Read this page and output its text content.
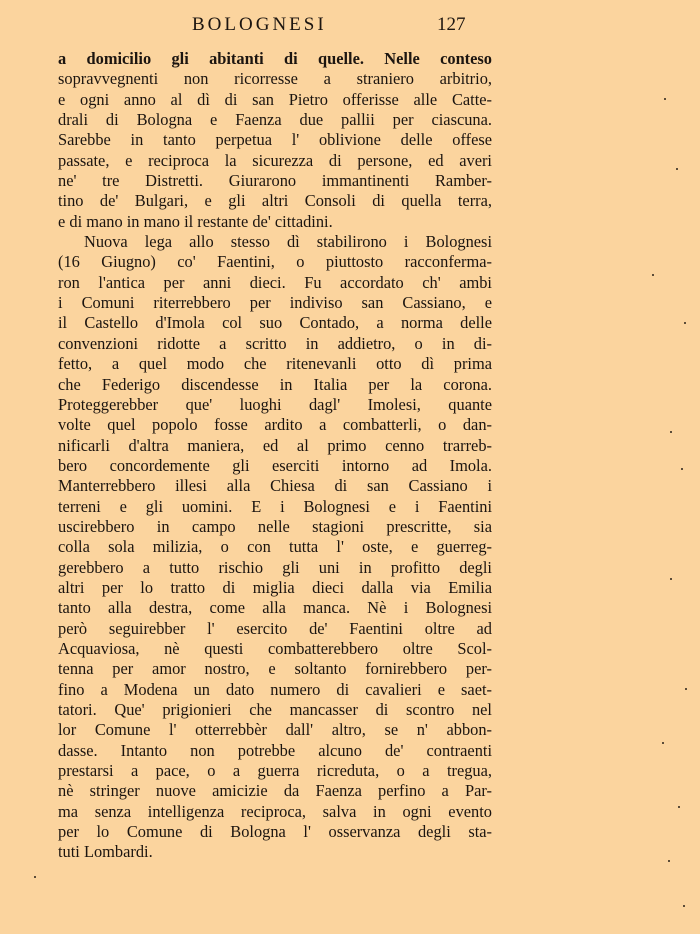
BOLOGNESI	127
a domicilio gli abitanti di quelle. Nelle conteso
sopravvegnenti non ricorresse a straniero arbitrio,
e ogni anno al dì di san Pietro offerisse alle Catte-
drali di Bologna e Faenza due pallii per ciascuna.
Sarebbe in tanto perpetua l' oblivione delle offese
passate, e reciproca la sicurezza di persone, ed averi
ne' tre Distretti. Giurarono immantinenti Ramber-
tino de' Bulgari, e gli altri Consoli di quella terra,
e di mano in mano il restante de' cittadini.
Nuova lega allo stesso dì stabilirono i Bolognesi
(16 Giugno) co' Faentini, o piuttosto racconferma-
ron l'antica per anni dieci. Fu accordato ch' ambi
i Comuni riterrebbero per indiviso san Cassiano, e
il Castello d'Imola col suo Contado, a norma delle
convenzioni ridotte a scritto in addietro, o in di-
fetto, a quel modo che ritenevanli otto dì prima
che Federigo discendesse in Italia per la corona.
Proteggerebber que' luoghi dagl' Imolesi, quante
volte quel popolo fosse ardito a combatterli, o dan-
nificarli d'altra maniera, ed al primo cenno trarreb-
bero concordemente gli eserciti intorno ad Imola.
Manterrebbero illesi alla Chiesa di san Cassiano i
terreni e gli uomini. E i Bolognesi e i Faentini
uscirebbero in campo nelle stagioni prescritte, sia
colla sola milizia, o con tutta l' oste, e guerreg-
gerebbero a tutto rischio gli uni in profitto degli
altri per lo tratto di miglia dieci dalla via Emilia
tanto alla destra, come alla manca. Nè i Bolognesi
però seguirebber l' esercito de' Faentini oltre ad
Acquaviosa, nè questi combatterebbero oltre Scol-
tenna per amor nostro, e soltanto fornirebbero per-
fino a Modena un dato numero di cavalieri e saet-
tatori. Que' prigionieri che mancasser di scontro nel
lor Comune l' otterrebbèr dall' altro, se n' abbon-
dasse. Intanto non potrebbe alcuno de' contraenti
prestarsi a pace, o a guerra ricreduta, o a tregua,
nè stringer nuove amicizie da Faenza perfino a Par-
ma senza intelligenza reciproca, salva in ogni evento
per lo Comune di Bologna l' osservanza degli sta-
tuti Lombardi.
